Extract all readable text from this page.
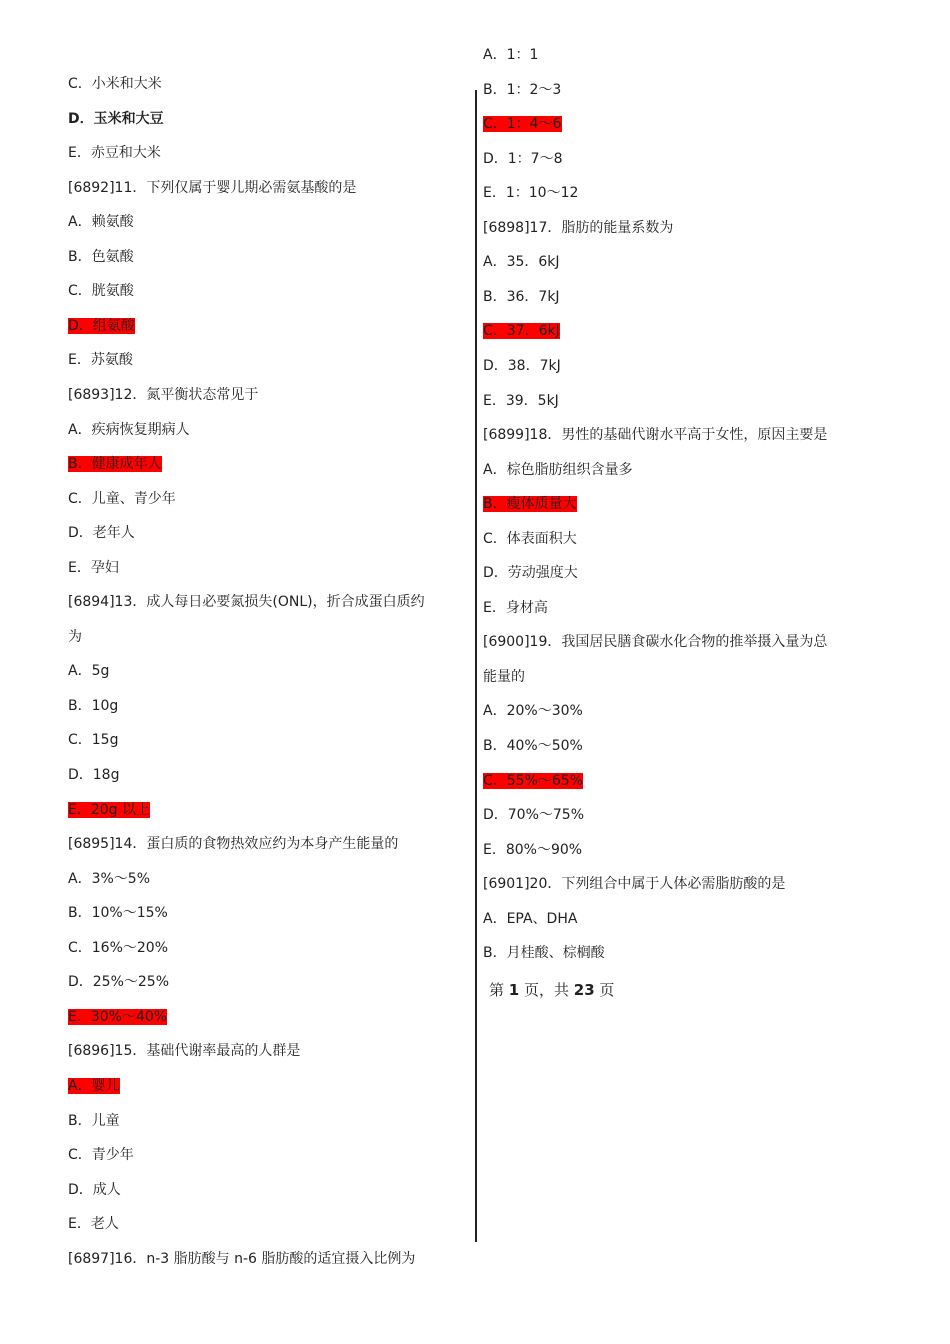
C．小米和大米
D．玉米和大豆
E．赤豆和大米
[6892]11．下列仅属于婴儿期必需氨基酸的是
A．赖氨酸
B．色氨酸
C．胱氨酸
D．组氨酸
E．苏氨酸
[6893]12．氮平衡状态常见于
A．疾病恢复期病人
B．健康成年人
C．儿童、青少年
D．老年人
E．孕妇
[6894]13．成人每日必要氮损失(ONL)，折合成蛋白质约
为
A．5g
B．10g
C．15g
D．18g
E．20g 以上
[6895]14．蛋白质的食物热效应约为本身产生能量的
A．3%～5%
B．10%～15%
C．16%～20%
D．25%～25%
E．30%～40%
[6896]15．基础代谢率最高的人群是
A．婴儿
B．儿童
C．青少年
D．成人
E．老人
[6897]16．n-3 脂肪酸与 n-6 脂肪酸的适宜摄入比例为
A．1：1
B．1：2～3
C．1：4～6
D．1：7～8
E．1：10～12
[6898]17．脂肪的能量系数为
A．35．6kJ
B．36．7kJ
C．37．6kJ
D．38．7kJ
E．39．5kJ
[6899]18．男性的基础代谢水平高于女性，原因主要是
A．棕色脂肪组织含量多
B．瘦体质量大
C．体表面积大
D．劳动强度大
E．身材高
[6900]19．我国居民膳食碳水化合物的推举摄入量为总
能量的
A．20%～30%
B．40%～50%
C．55%～65%
D．70%～75%
E．80%～90%
[6901]20．下列组合中属于人体必需脂肪酸的是
A．EPA、DHA
B．月桂酸、棕榈酸
第 1 页，共 23 页
